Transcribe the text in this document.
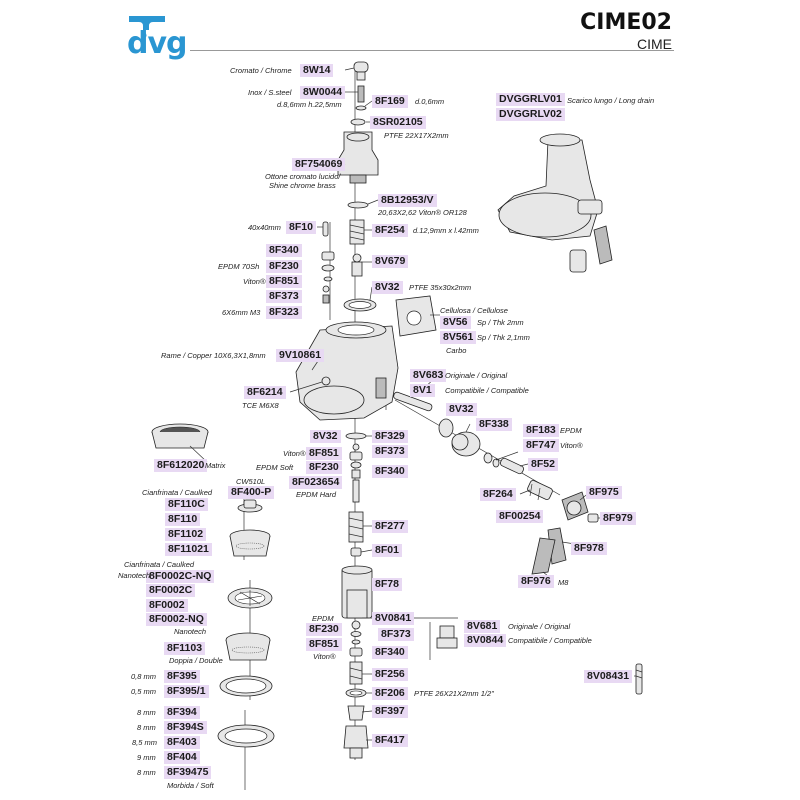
dvg
CIME02
CIME
8W14
8W0044
8F169
8SR02105
8F754069
8B12953/V
8F10	8F254
8F340
8F230	8V679
8F851
8F373
8F323
8V32
8V56
8V561
9V10861
8F6214
8V683
8V1
8V32
8F338 8F183
8F747
8V32	8F329
8F851	8F373
8F230	8F340
8F023654
8F52
8F264	8F975
8F00254	8F979
8F978
8F976
8F612020
8F400-P
8F110C
8F110
8F1102
8F11021
8F277
8F01
8F0002C-NQ
8F0002C
8F0002
8F0002-NQ
8F78
8V0841
8F230	8F373
8F851
8F340
8V681
8V0844
8F1103
8F256	8V08431
8F395
8F395/1	8F206
8F397
8F394
8F394S
8F403	8F417
8F404
8F39475
DVGGRLV01
DVGGRLV02
Cromato / Chrome
Inox / S.steel
d.8,6mm h.22,5mm	d.0,6mm
PTFE 22X17X2mm
Ottone cromato lucido/
Shine chrome brass
20,63X2,62 Viton® OR128
40x40mm	d.12,9mm x l.42mm
EPDM 70Sh
Viton®
6X6mm M3
PTFE 35x30x2mm
Cellulosa / Cellulose
Sp / Thk 2mm
Sp / Thk 2,1mm
Carbo
Rame / Copper 10X6,3X1,8mm
TCE M6X8
Originale / Original
Compatibile / Compatible
EPDM
Viton®
Viton®
EPDM Soft
EPDM Hard
Matrix
CW510L
Cianfrinata / Caulked
Cianfrinata / Caulked
Nanotech
Nanotech
M8
Scarico lungo / Long drain
EPDM
Viton®
Originale / Original
Compatibile / Compatible
Doppia / Double
0,8 mm
0,5 mm	PTFE 26X21X2mm 1/2"
8 mm
8 mm
8,5 mm
9 mm
8 mm
Morbida / Soft
